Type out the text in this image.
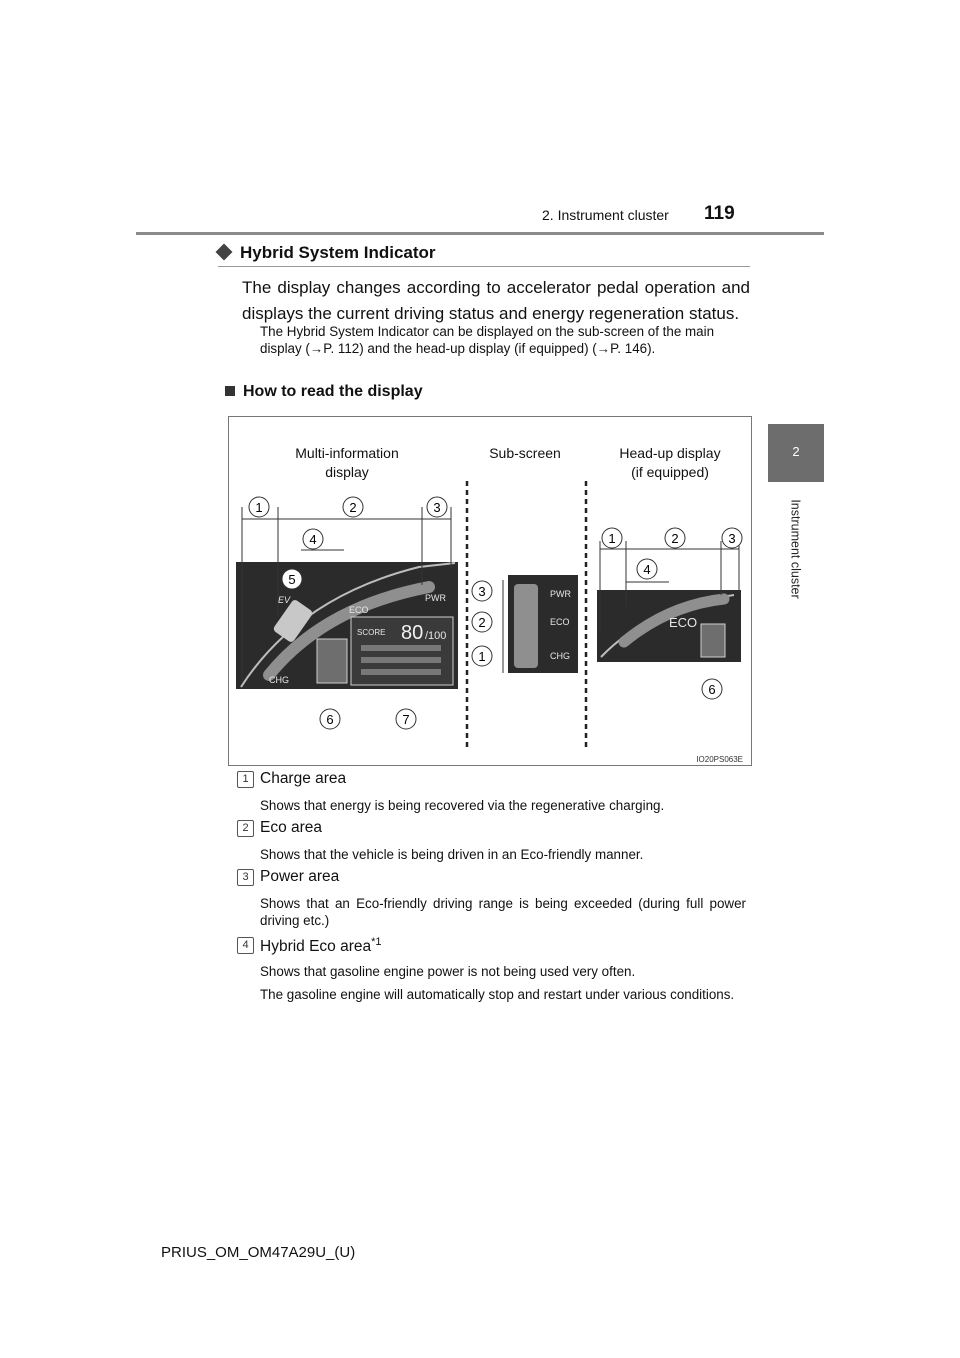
2. Instrument cluster 119
2
Instrument cluster
Hybrid System Indicator
The display changes according to accelerator pedal operation and displays the current driving status and energy regeneration status.
The Hybrid System Indicator can be displayed on the sub-screen of the main display (→P. 112) and the head-up display (if equipped) (→P. 146).
How to read the display
Multi-information
display
Sub-screen	Head-up display
(if equipped)
PWR
ECO
CHG
EV
SCORE 80 /100
PWR
ECO
CHG
ECO
1	2	3
4
5
6	7
3
2
1
1	2	3
4
6
IO20PS063E
1 Charge area
Shows that energy is being recovered via the regenerative charging.
2 Eco area
Shows that the vehicle is being driven in an Eco-friendly manner.
3 Power area
Shows that an Eco-friendly driving range is being exceeded (during full power driving etc.)
4 Hybrid Eco area$^{*1}$
Shows that gasoline engine power is not being used very often.
The gasoline engine will automatically stop and restart under various conditions.
PRIUS_OM_OM47A29U_(U)
